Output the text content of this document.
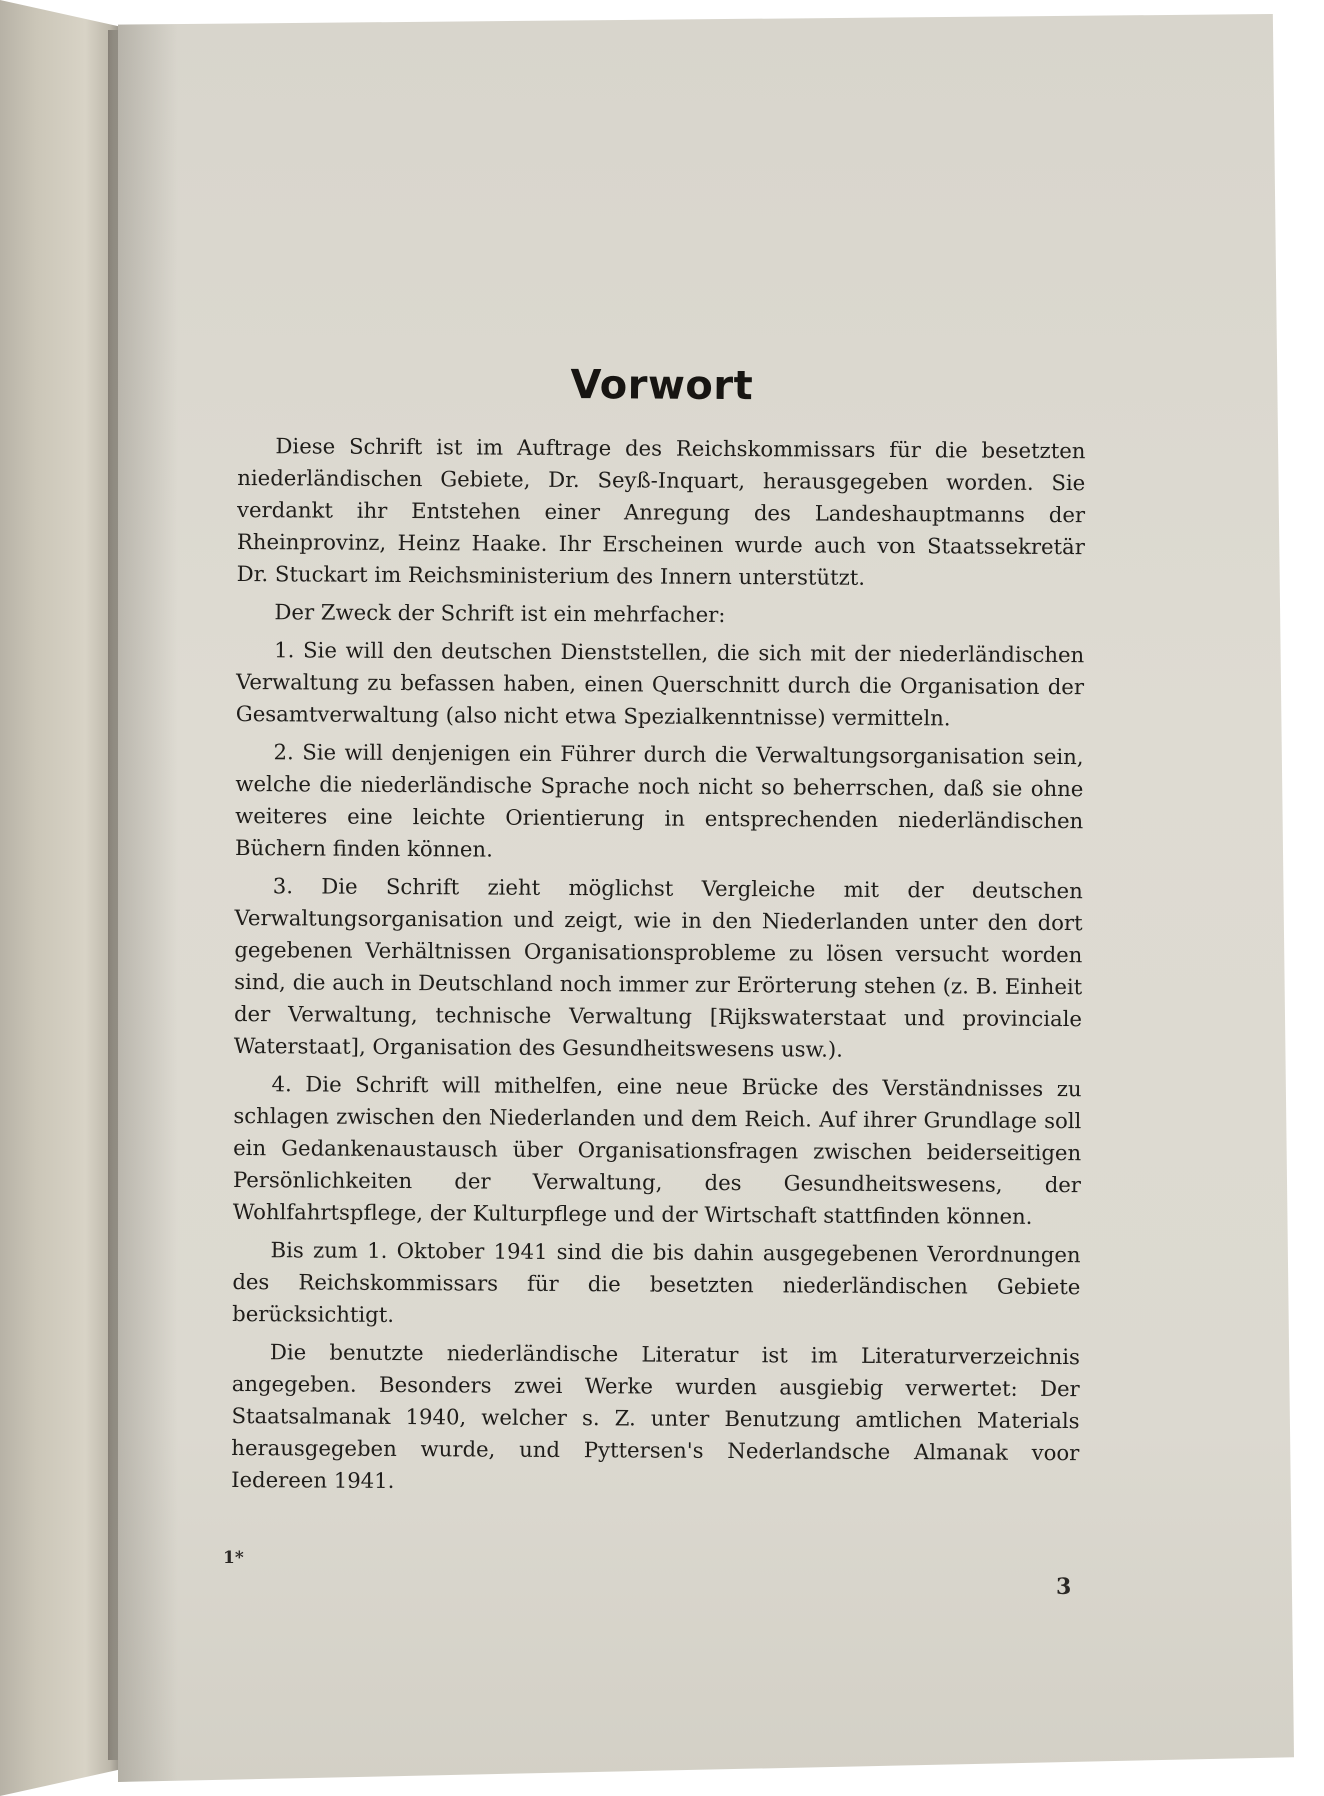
Vorwort

Diese Schrift ist im Auftrage des Reichskommissars für die besetzten niederländischen Gebiete, Dr. Seyß-Inquart, herausgegeben worden. Sie verdankt ihr Entstehen einer Anregung des Landeshauptmanns der Rheinprovinz, Heinz Haake. Ihr Erscheinen wurde auch von Staatssekretär Dr. Stuckart im Reichsministerium des Innern unterstützt.

Der Zweck der Schrift ist ein mehrfacher:

1. Sie will den deutschen Dienststellen, die sich mit der niederländischen Verwaltung zu befassen haben, einen Querschnitt durch die Organisation der Gesamtverwaltung (also nicht etwa Spezialkenntnisse) vermitteln.

2. Sie will denjenigen ein Führer durch die Verwaltungsorganisation sein, welche die niederländische Sprache noch nicht so beherrschen, daß sie ohne weiteres eine leichte Orientierung in entsprechenden niederländischen Büchern finden können.

3. Die Schrift zieht möglichst Vergleiche mit der deutschen Verwaltungsorganisation und zeigt, wie in den Niederlanden unter den dort gegebenen Verhältnissen Organisationsprobleme zu lösen versucht worden sind, die auch in Deutschland noch immer zur Erörterung stehen (z. B. Einheit der Verwaltung, technische Verwaltung [Rijkswaterstaat und provinciale Waterstaat], Organisation des Gesundheitswesens usw.).

4. Die Schrift will mithelfen, eine neue Brücke des Verständnisses zu schlagen zwischen den Niederlanden und dem Reich. Auf ihrer Grundlage soll ein Gedankenaustausch über Organisationsfragen zwischen beiderseitigen Persönlichkeiten der Verwaltung, des Gesundheitswesens, der Wohlfahrtspflege, der Kulturpflege und der Wirtschaft stattfinden können.

Bis zum 1. Oktober 1941 sind die bis dahin ausgegebenen Verordnungen des Reichskommissars für die besetzten niederländischen Gebiete berücksichtigt.

Die benutzte niederländische Literatur ist im Literaturverzeichnis angegeben. Besonders zwei Werke wurden ausgiebig verwertet: Der Staatsalmanak 1940, welcher s. Z. unter Benutzung amtlichen Materials herausgegeben wurde, und Pyttersen's Nederlandsche Almanak voor Iedereen 1941.

1*
3
